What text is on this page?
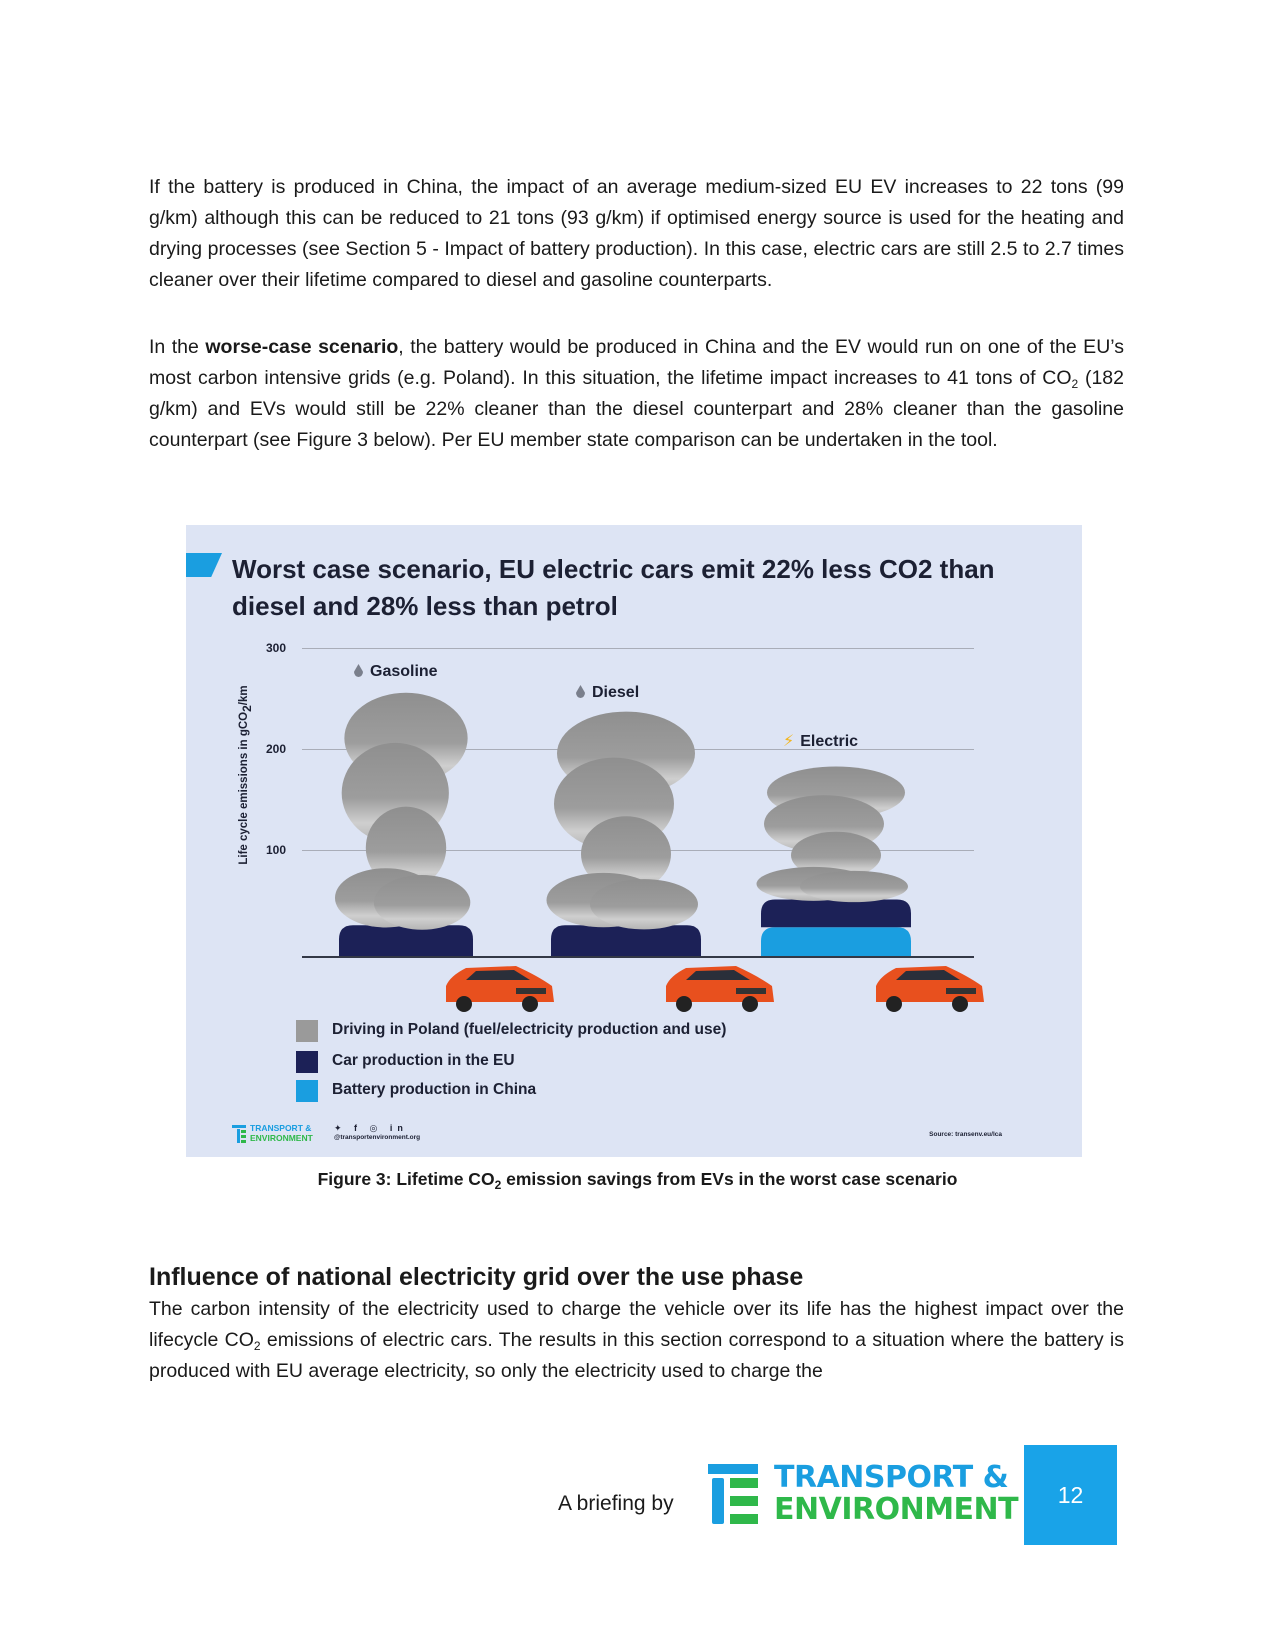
If the battery is produced in China, the impact of an average medium-sized EU EV increases to 22 tons (99 g/km) although this can be reduced to 21 tons (93 g/km) if optimised energy source is used for the heating and drying processes (see Section 5 - Impact of battery production). In this case, electric cars are still 2.5 to 2.7 times cleaner over their lifetime compared to diesel and gasoline counterparts.

In the worse-case scenario, the battery would be produced in China and the EV would run on one of the EU’s most carbon intensive grids (e.g. Poland). In this situation, the lifetime impact increases to 41 tons of $CO_2$ (182 g/km) and EVs would still be 22% cleaner than the diesel counterpart and 28% cleaner than the gasoline counterpart (see Figure 3 below). Per EU member state comparison can be undertaken in the tool.

Worst case scenario, EU electric cars emit 22% less CO2 than diesel and 28% less than petrol

Life cycle emissions in gCO$_2$/km
300
200
100
Gasoline
Diesel
⚡ Electric
Driving in Poland (fuel/electricity production and use)
Car production in the EU
Battery production in China
TRANSPORT &
ENVIRONMENT
✦ f ◎ in
@transportenvironment.org	Source: transenv.eu/lca

Figure 3: Lifetime $CO_2$ emission savings from EVs in the worst case scenario

Influence of national electricity grid over the use phase

The carbon intensity of the electricity used to charge the vehicle over its life has the highest impact over the lifecycle $CO_2$ emissions of electric cars. The results in this section correspond to a situation where the battery is produced with EU average electricity, so only the electricity used to charge the

A briefing by
TRANSPORT &
ENVIRONMENT 12
